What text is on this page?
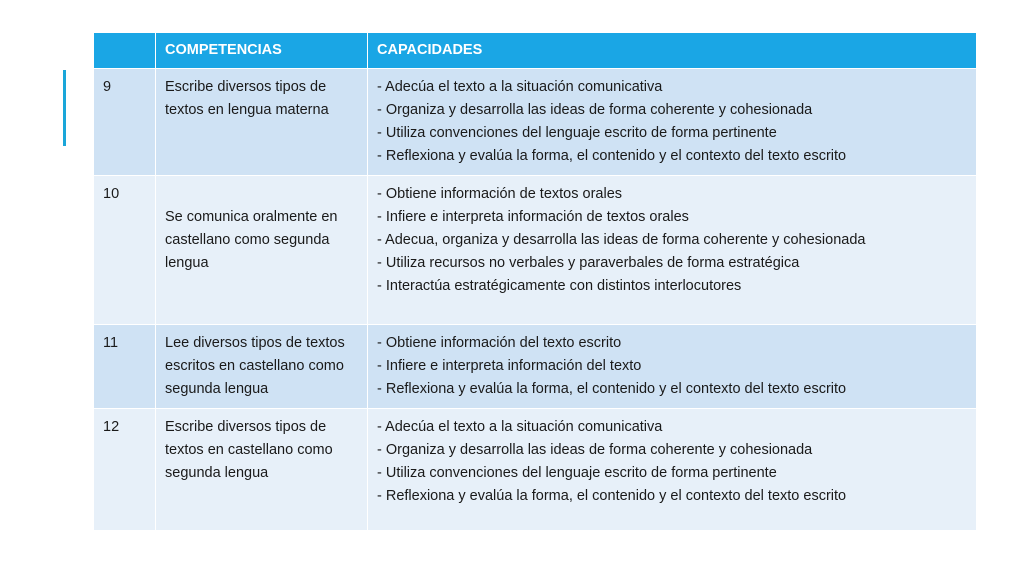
	COMPETENCIAS	CAPACIDADES
9	Escribe diversos tipos de textos en lengua materna	- Adecúa el texto a la situación comunicativa
- Organiza y desarrolla las ideas de forma coherente y cohesionada
- Utiliza convenciones del lenguaje escrito de forma pertinente
- Reflexiona y evalúa la forma, el contenido y el contexto del texto escrito

10	Se comunica oralmente en castellano como segunda lengua	- Obtiene información de textos orales
- Infiere e interpreta información de textos orales
- Adecua, organiza y desarrolla las ideas de forma coherente y cohesionada
- Utiliza recursos no verbales y paraverbales de forma estratégica
- Interactúa estratégicamente con distintos interlocutores

11	Lee diversos tipos de textos escritos en castellano como segunda lengua	- Obtiene información del texto escrito
- Infiere e interpreta información del texto
- Reflexiona y evalúa la forma, el contenido y el contexto del texto escrito

12	Escribe diversos tipos de textos en castellano como segunda lengua	- Adecúa el texto a la situación comunicativa
- Organiza y desarrolla las ideas de forma coherente y cohesionada
- Utiliza convenciones del lenguaje escrito de forma pertinente
- Reflexiona y evalúa la forma, el contenido y el contexto del texto escrito
